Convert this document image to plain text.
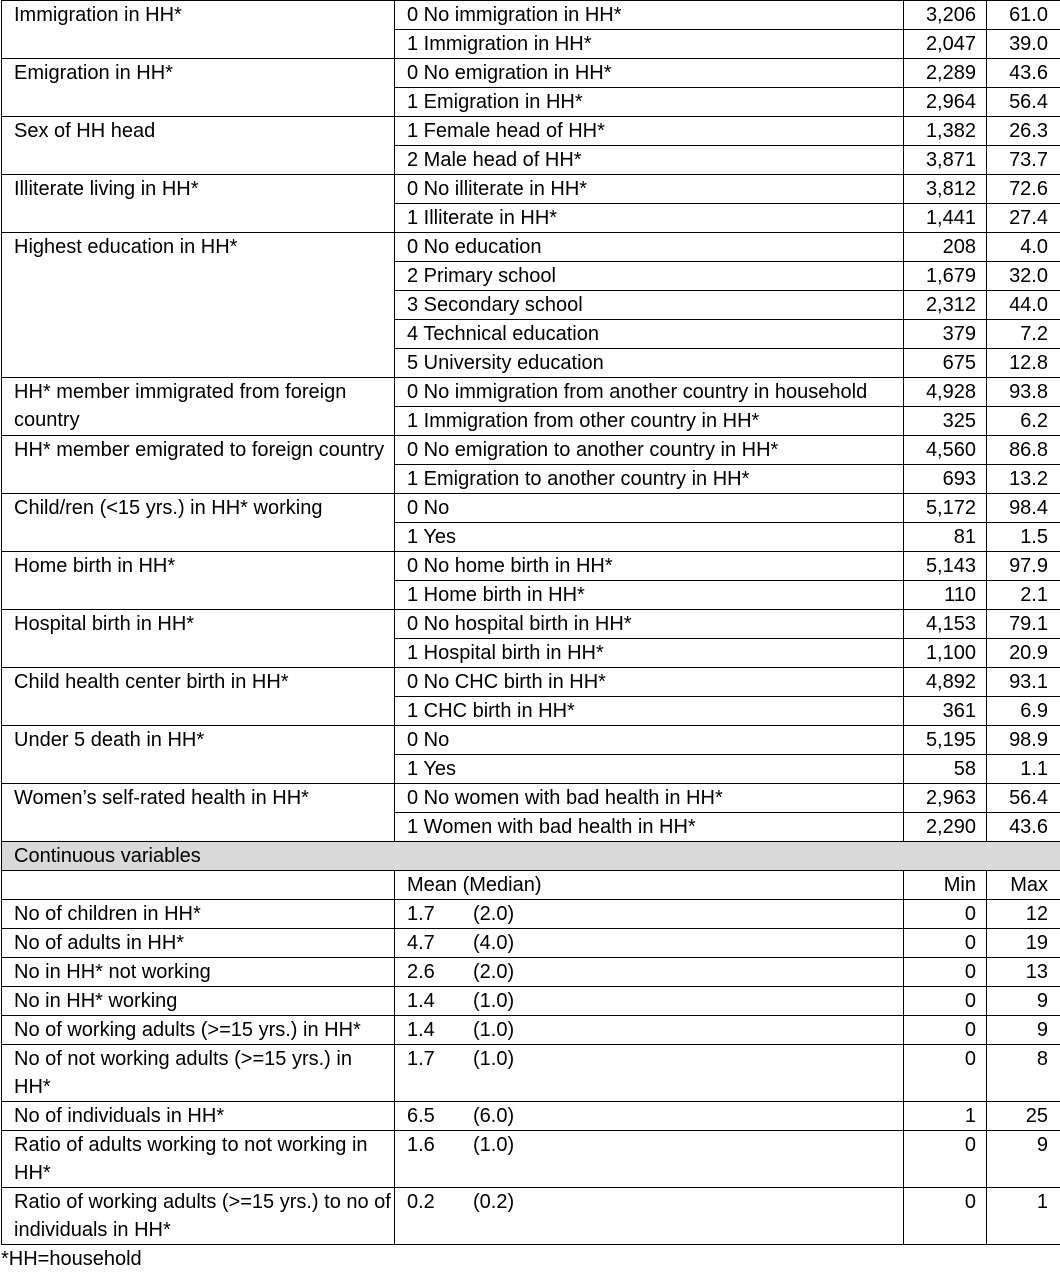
Immigration in HH*	0 No immigration in HH*	3,206	61.0
	1 Immigration in HH*	2,047	39.0
Emigration in HH*	0 No emigration in HH*	2,289	43.6
	1 Emigration in HH*	2,964	56.4
Sex of HH head	1 Female head of HH*	1,382	26.3
	2 Male head of HH*	3,871	73.7
Illiterate living in HH*	0 No illiterate in HH*	3,812	72.6
	1 Illiterate in HH*	1,441	27.4
Highest education in HH*	0 No education	208	4.0
	2 Primary school	1,679	32.0
	3 Secondary school	2,312	44.0
	4 Technical education	379	7.2
	5 University education	675	12.8
HH* member immigrated from foreign country	0 No immigration from another country in household	4,928	93.8
	1 Immigration from other country in HH*	325	6.2
HH* member emigrated to foreign country	0 No emigration to another country in HH*	4,560	86.8
	1 Emigration to another country in HH*	693	13.2
Child/ren (<15 yrs.) in HH* working	0 No	5,172	98.4
	1 Yes	81	1.5
Home birth in HH*	0 No home birth in HH*	5,143	97.9
	1 Home birth in HH*	110	2.1
Hospital birth in HH*	0 No hospital birth in HH*	4,153	79.1
	1 Hospital birth in HH*	1,100	20.9
Child health center birth in HH*	0 No CHC birth in HH*	4,892	93.1
	1 CHC birth in HH*	361	6.9
Under 5 death in HH*	0 No	5,195	98.9
	1 Yes	58	1.1
Women’s self-rated health in HH*	0 No women with bad health in HH*	2,963	56.4
	1 Women with bad health in HH*	2,290	43.6
Continuous variables			
	Mean (Median)	Min	Max
No of children in HH*	1.7 (2.0)	0	12
No of adults in HH*	4.7 (4.0)	0	19
No in HH* not working	2.6 (2.0)	0	13
No in HH* working	1.4 (1.0)	0	9
No of working adults (>=15 yrs.) in HH*	1.4 (1.0)	0	9
No of not working adults (>=15 yrs.) in HH*	1.7 (1.0)	0	8
No of individuals in HH*	6.5 (6.0)	1	25
Ratio of adults working to not working in HH*	1.6 (1.0)	0	9
Ratio of working adults (>=15 yrs.) to no of individuals in HH*	0.2 (0.2)	0	1
*HH=household
